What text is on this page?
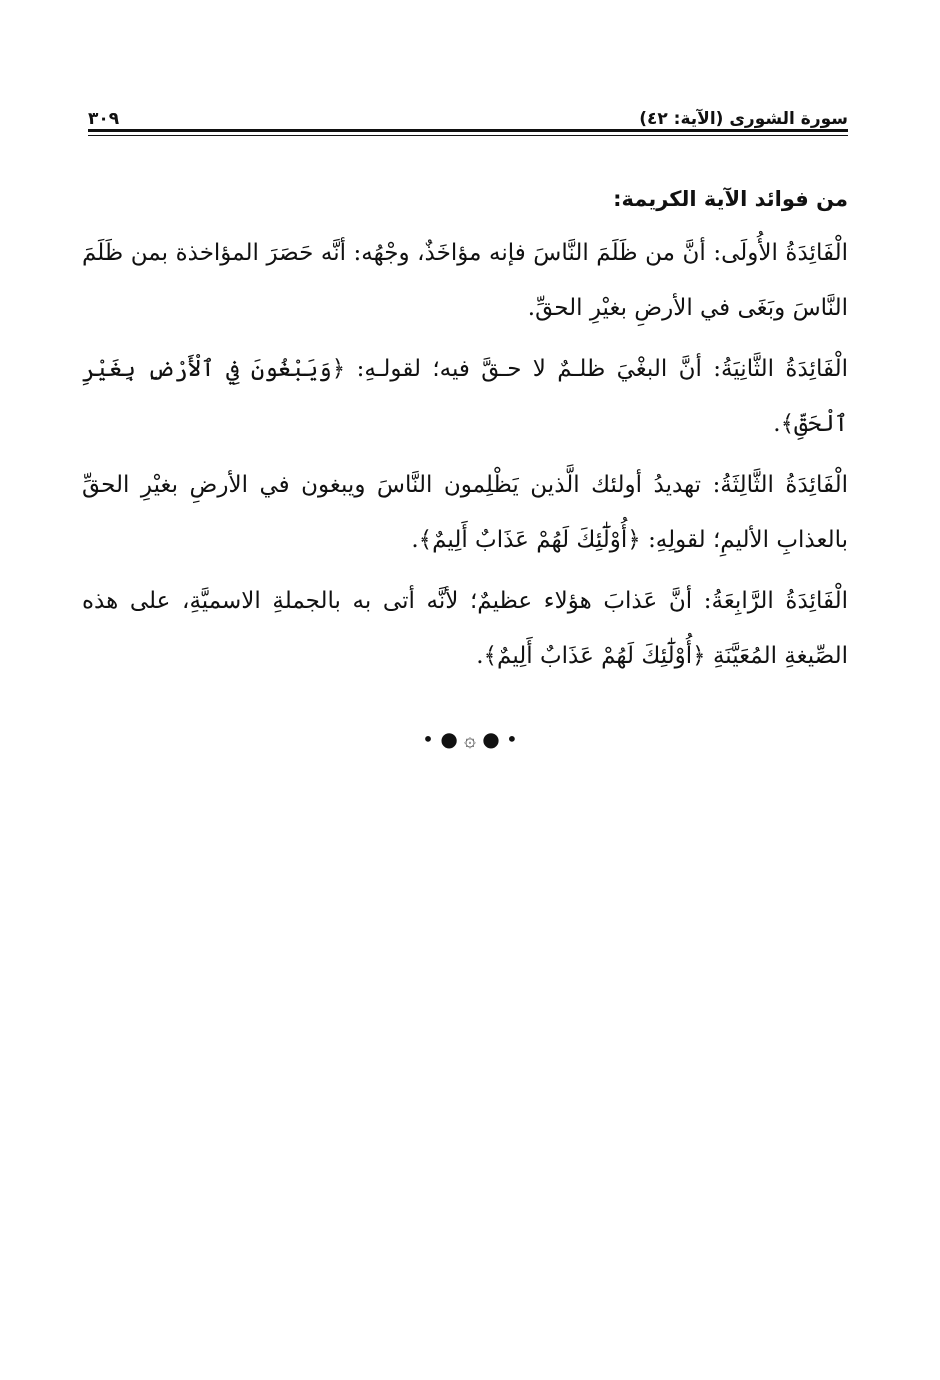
سورة الشورى (الآية: ٤٢)
٣٠٩
من فوائد الآية الكريمة:

الْفَائِدَةُ الأُولَى: أنَّ من ظَلَمَ النَّاسَ فإنه مؤاخَذٌ، وجْهُه: أنَّه حَصَرَ المؤاخذة بمن ظَلَمَ النَّاسَ وبَغَى في الأرضِ بغيْرِ الحقِّ.

الْفَائِدَةُ الثَّانِيَةُ: أنَّ البغْيَ ظلـمٌ لا حـقَّ فيه؛ لقولـهِ: ﴿وَيَبْغُونَ فِي ٱلْأَرْضِ بِغَيْرِ ٱلْحَقِّ﴾.

الْفَائِدَةُ الثَّالِثَةُ: تهديدُ أولئك الَّذين يَظْلِمون النَّاسَ ويبغون في الأرضِ بغيْرِ الحقِّ بالعذابِ الأليمِ؛ لقولِهِ: ﴿أُوْلَٰٓئِكَ لَهُمْ عَذَابٌ أَلِيمٌ﴾.

الْفَائِدَةُ الرَّابِعَةُ: أنَّ عَذابَ هؤلاء عظيمٌ؛ لأنَّه أتى به بالجملةِ الاسميَّةِ، على هذه الصِّيغةِ المُعَيَّنَةِ ﴿أُوْلَٰٓئِكَ لَهُمْ عَذَابٌ أَلِيمٌ﴾.

• ● ۞ ● •
